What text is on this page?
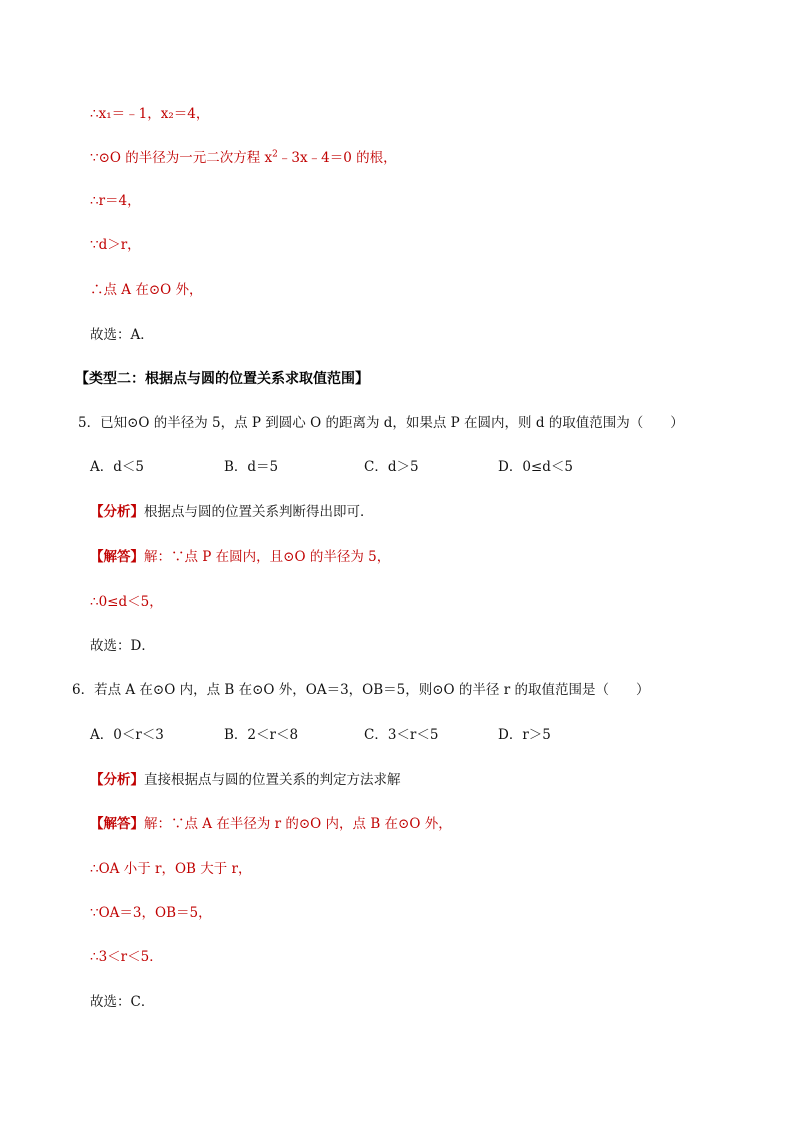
∴x₁＝﹣1，x₂＝4，
∵⊙O 的半径为一元二次方程 $x^2﹣3x﹣4=0$ 的根，
∴r＝4，
∵d＞r，
∴点 A 在⊙O 外，
故选：A．
【类型二：根据点与圆的位置关系求取值范围】
5．已知⊙O 的半径为 5，点 P 到圆心 O 的距离为 d，如果点 P 在圆内，则 d 的取值范围为（　　）
A．d＜5	B．d＝5	C．d＞5	D．0≤d＜5
【分析】根据点与圆的位置关系判断得出即可．
【解答】解：∵点 P 在圆内，且⊙O 的半径为 5，
∴0≤d＜5，
故选：D．
6．若点 A 在⊙O 内，点 B 在⊙O 外，OA＝3，OB＝5，则⊙O 的半径 r 的取值范围是（　　）
A．0＜r＜3	B．2＜r＜8	C．3＜r＜5	D．r＞5
【分析】直接根据点与圆的位置关系的判定方法求解
【解答】解：∵点 A 在半径为 r 的⊙O 内，点 B 在⊙O 外，
∴OA 小于 r，OB 大于 r，
∵OA＝3，OB＝5，
∴3＜r＜5．
故选：C．
